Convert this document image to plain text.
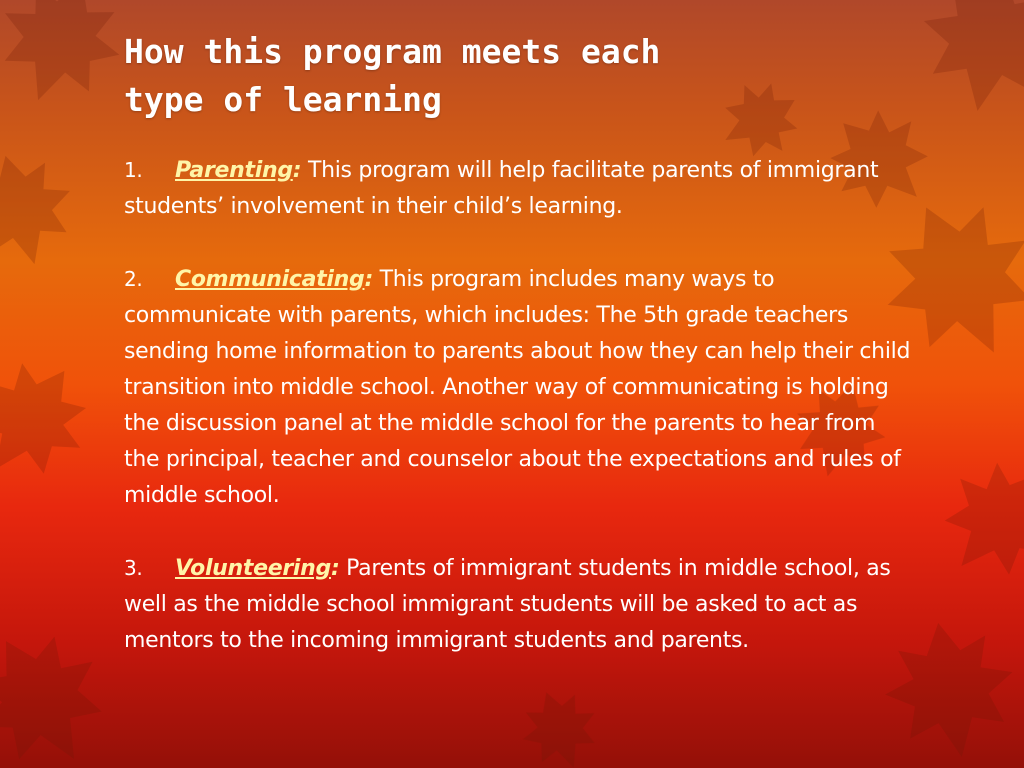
How this program meets each
type of learning

1. Parenting: This program will help facilitate parents of immigrant students’ involvement in their child’s learning.

2. Communicating: This program includes many ways to communicate with parents, which includes: The 5th grade teachers sending home information to parents about how they can help their child transition into middle school. Another way of communicating is holding the discussion panel at the middle school for the parents to hear from the principal, teacher and counselor about the expectations and rules of middle school.

3. Volunteering: Parents of immigrant students in middle school, as well as the middle school immigrant students will be asked to act as mentors to the incoming immigrant students and parents.
